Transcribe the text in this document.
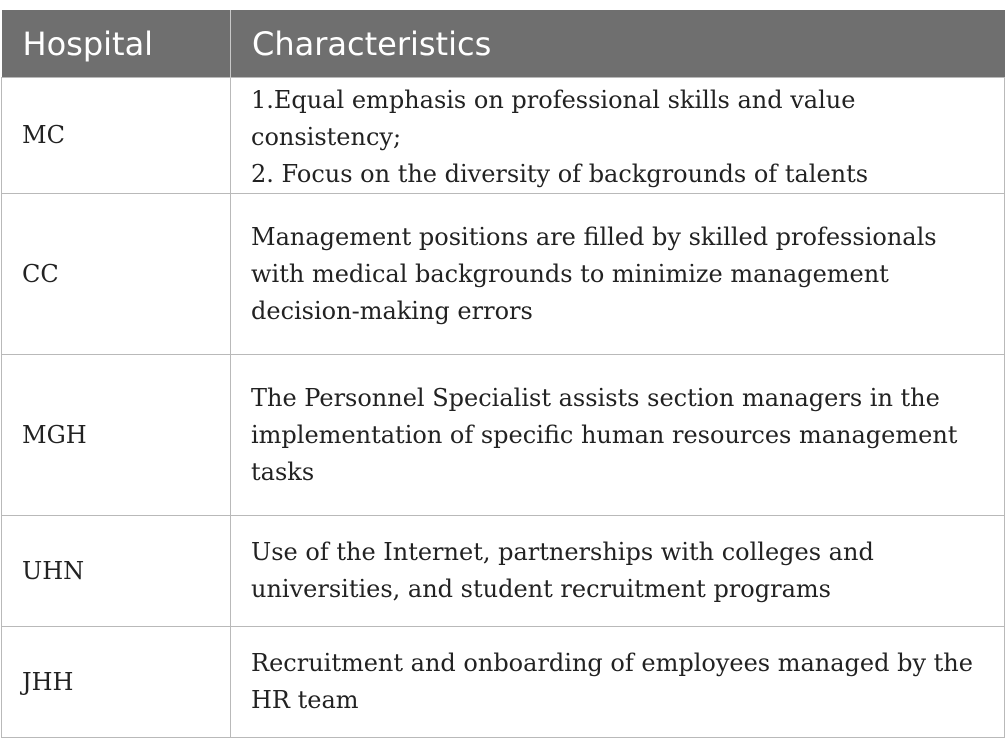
Hospital	Characteristics
MC	1.Equal emphasis on professional skills and value consistency;
2. Focus on the diversity of backgrounds of talents

CC	Management positions are filled by skilled professionals with medical backgrounds to minimize management decision-making errors
MGH	The Personnel Specialist assists section managers in the implementation of specific human resources management tasks
UHN	Use of the Internet, partnerships with colleges and universities, and student recruitment programs
JHH	Recruitment and onboarding of employees managed by the HR team
